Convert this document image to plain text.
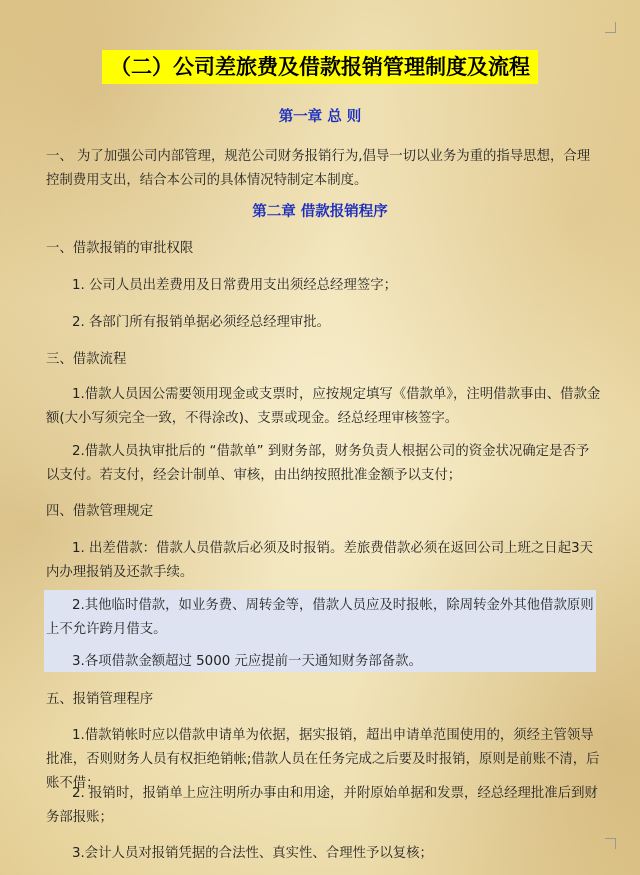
（二）公司差旅费及借款报销管理制度及流程
第一章 总 则

一、 为了加强公司内部管理，规范公司财务报销行为,倡导一切以业务为重的指导思想，合理控制费用支出，结合本公司的具体情况特制定本制度。

第二章 借款报销程序

一、借款报销的审批权限

1. 公司人员出差费用及日常费用支出须经总经理签字；

2. 各部门所有报销单据必须经总经理审批。

三、借款流程

1.借款人员因公需要领用现金或支票时，应按规定填写《借款单》，注明借款事由、借款金额(大小写须完全一致，不得涂改)、支票或现金。经总经理审核签字。

2.借款人员执审批后的 “借款单” 到财务部，财务负责人根据公司的资金状况确定是否予以支付。若支付，经会计制单、审核，由出纳按照批准金额予以支付；

四、借款管理规定

1. 出差借款：借款人员借款后必须及时报销。差旅费借款必须在返回公司上班之日起3天内办理报销及还款手续。

2.其他临时借款，如业务费、周转金等，借款人员应及时报帐，除周转金外其他借款原则上不允许跨月借支。

3.各项借款金额超过 5000 元应提前一天通知财务部备款。

五、报销管理程序

1.借款销帐时应以借款申请单为依据，据实报销，超出申请单范围使用的，须经主管领导批准，否则财务人员有权拒绝销帐;借款人员在任务完成之后要及时报销，原则是前账不清，后账不借；

2. 报销时，报销单上应注明所办事由和用途，并附原始单据和发票，经总经理批准后到财务部报账；

3.会计人员对报销凭据的合法性、真实性、合理性予以复核；
